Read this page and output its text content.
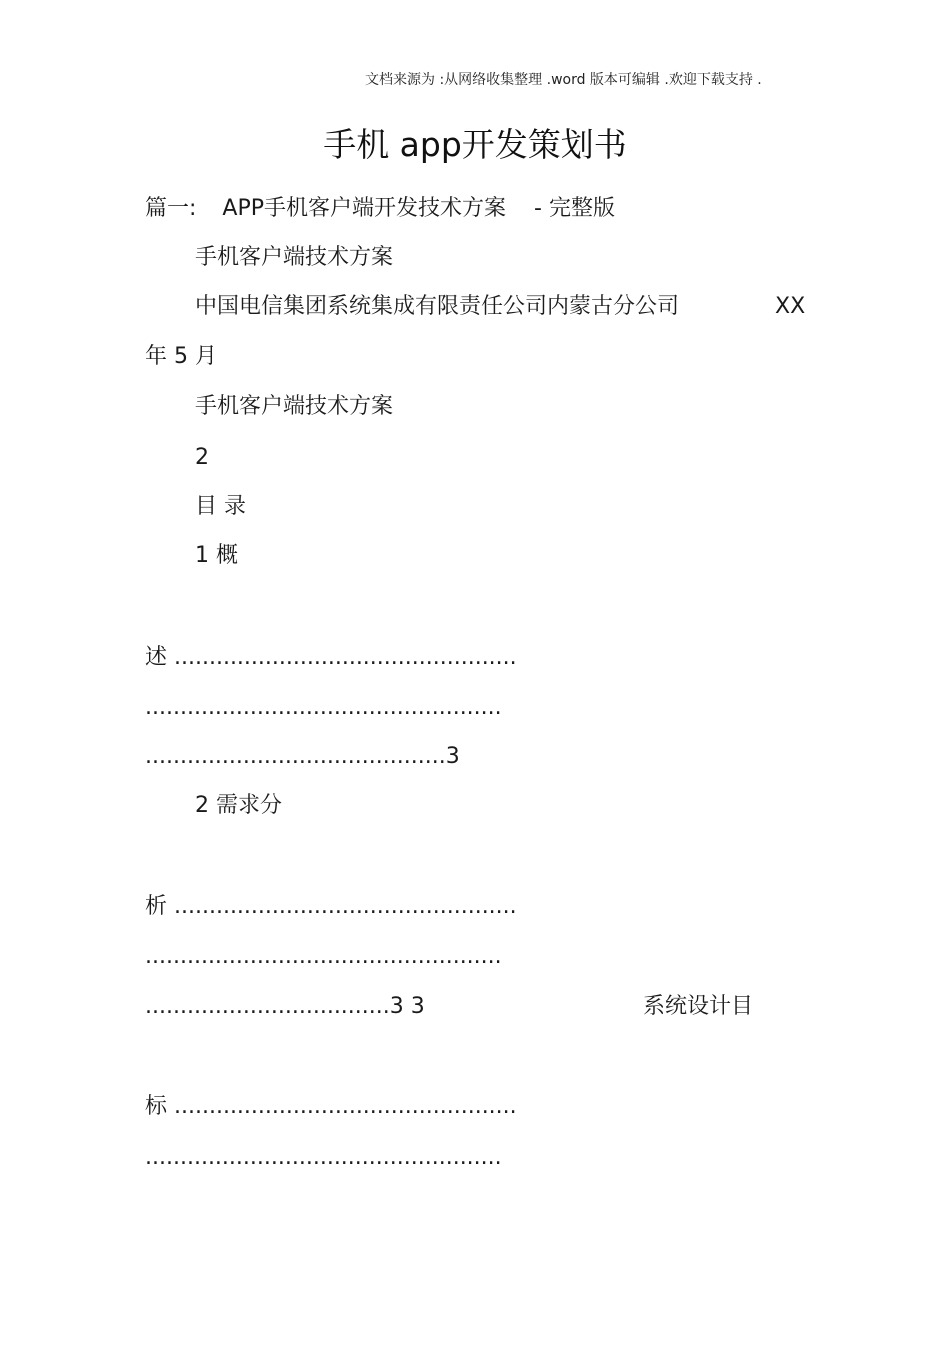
文档来源为 :从网络收集整理 .word 版本可编辑 .欢迎下载支持 .
手机 app开发策划书
篇一: APP手机客户端开发技术方案 - 完整版
手机客户端技术方案
中国电信集团系统集成有限责任公司内蒙古分公司	XX
年 5 月
手机客户端技术方案
2
目 录
1 概
述 .................................................
...................................................
...........................................3
2 需求分
析 .................................................
...................................................
...................................3 3	系统设计目
标 .................................................
...................................................
